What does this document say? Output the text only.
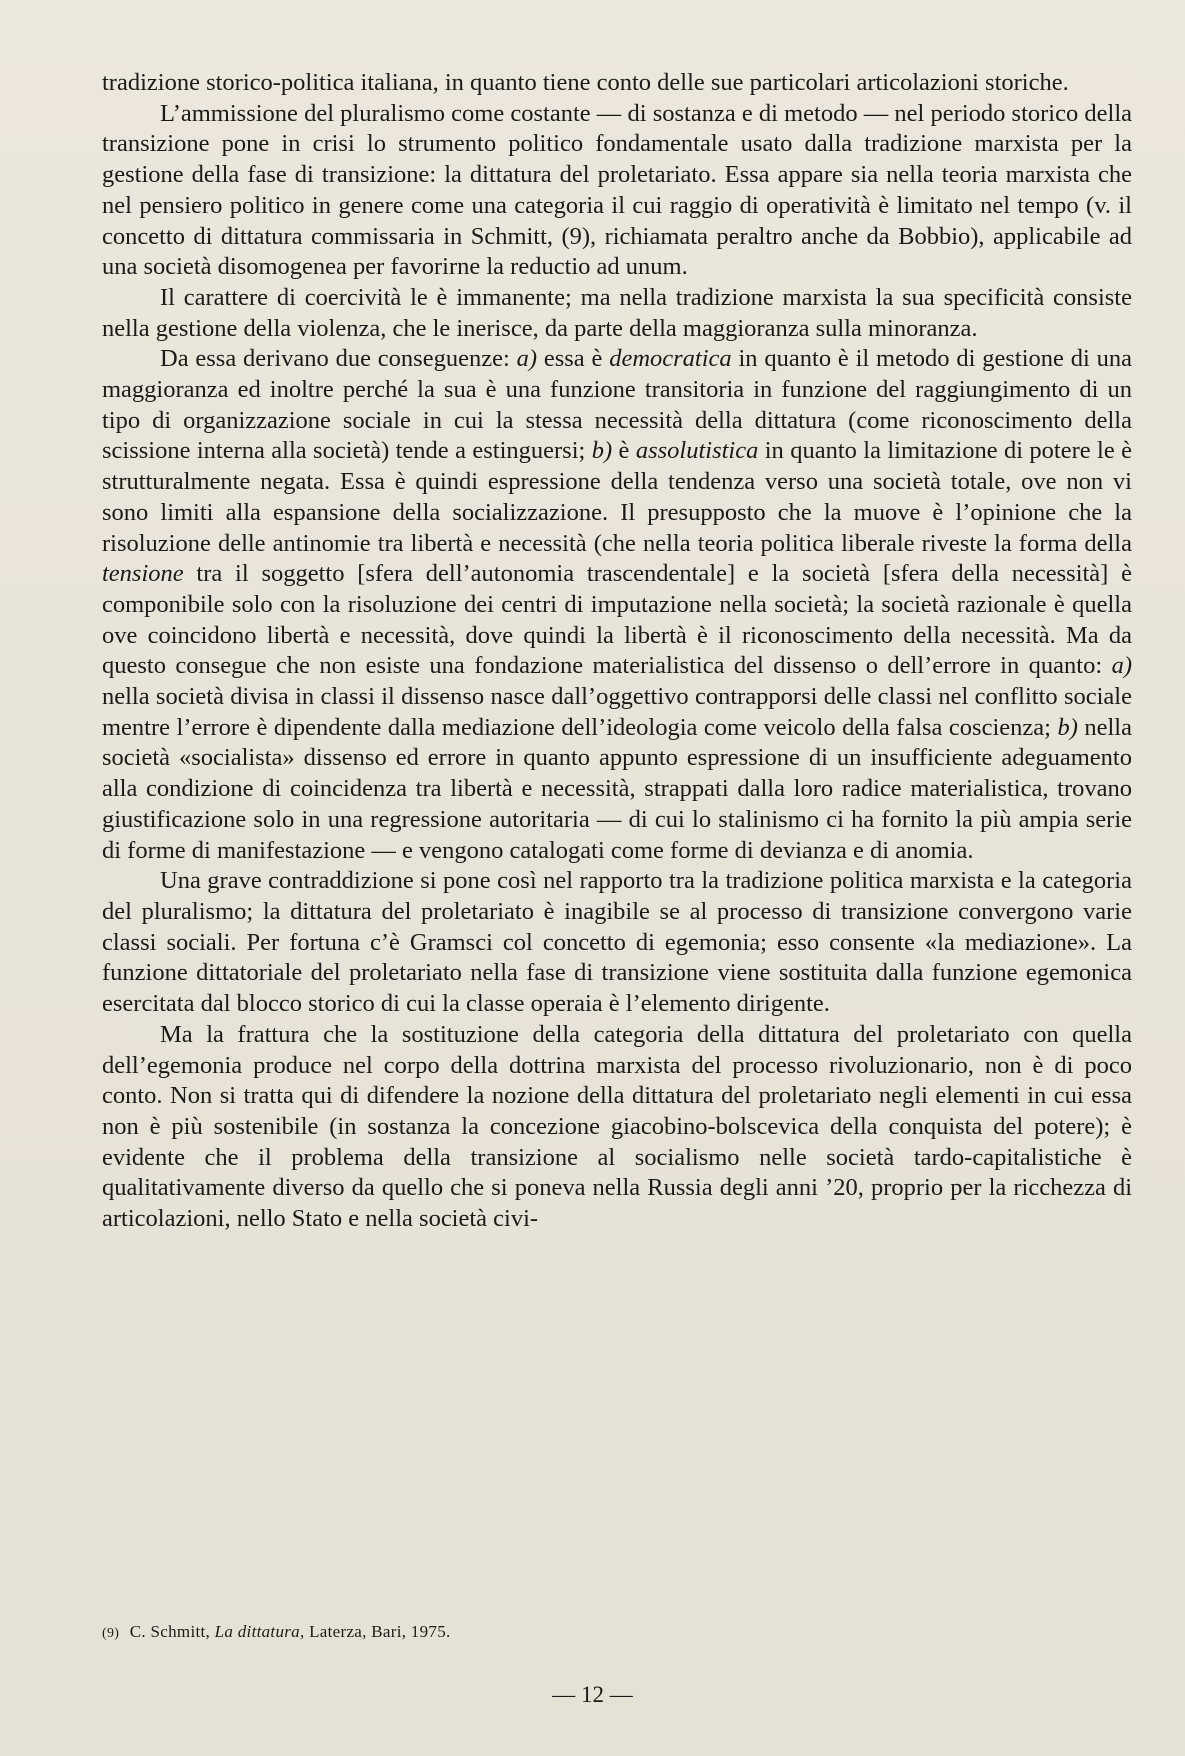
tradizione storico-politica italiana, in quanto tiene conto delle sue particolari articolazioni storiche.

L’ammissione del pluralismo come costante — di sostanza e di metodo — nel periodo storico della transizione pone in crisi lo strumento politico fondamentale usato dalla tradizione marxista per la gestione della fase di transizione: la dittatura del proletariato. Essa appare sia nella teoria marxista che nel pensiero politico in genere come una categoria il cui raggio di operatività è limitato nel tempo (v. il concetto di dittatura commissaria in Schmitt, (9), richiamata peraltro anche da Bobbio), applicabile ad una società disomogenea per favorirne la reductio ad unum.

Il carattere di coercività le è immanente; ma nella tradizione marxista la sua specificità consiste nella gestione della violenza, che le inerisce, da parte della maggioranza sulla minoranza.

Da essa derivano due conseguenze: a) essa è democratica in quanto è il metodo di gestione di una maggioranza ed inoltre perché la sua è una funzione transitoria in funzione del raggiungimento di un tipo di organizzazione sociale in cui la stessa necessità della dittatura (come riconoscimento della scissione interna alla società) tende a estinguersi; b) è assolutistica in quanto la limitazione di potere le è strutturalmente negata. Essa è quindi espressione della tendenza verso una società totale, ove non vi sono limiti alla espansione della socializzazione. Il presupposto che la muove è l’opinione che la risoluzione delle antinomie tra libertà e necessità (che nella teoria politica liberale riveste la forma della tensione tra il soggetto [sfera dell’autonomia trascendentale] e la società [sfera della necessità] è componibile solo con la risoluzione dei centri di imputazione nella società; la società razionale è quella ove coincidono libertà e necessità, dove quindi la libertà è il riconoscimento della necessità. Ma da questo consegue che non esiste una fondazione materialistica del dissenso o dell’errore in quanto: a) nella società divisa in classi il dissenso nasce dall’oggettivo contrapporsi delle classi nel conflitto sociale mentre l’errore è dipendente dalla mediazione dell’ideologia come veicolo della falsa coscienza; b) nella società «socialista» dissenso ed errore in quanto appunto espressione di un insufficiente adeguamento alla condizione di coincidenza tra libertà e necessità, strappati dalla loro radice materialistica, trovano giustificazione solo in una regressione autoritaria — di cui lo stalinismo ci ha fornito la più ampia serie di forme di manifestazione — e vengono catalogati come forme di devianza e di anomia.

Una grave contraddizione si pone così nel rapporto tra la tradizione politica marxista e la categoria del pluralismo; la dittatura del proletariato è inagibile se al processo di transizione convergono varie classi sociali. Per fortuna c’è Gramsci col concetto di egemonia; esso consente «la mediazione». La funzione dittatoriale del proletariato nella fase di transizione viene sostituita dalla funzione egemonica esercitata dal blocco storico di cui la classe operaia è l’elemento dirigente.

Ma la frattura che la sostituzione della categoria della dittatura del proletariato con quella dell’egemonia produce nel corpo della dottrina marxista del processo rivoluzionario, non è di poco conto. Non si tratta qui di difendere la nozione della dittatura del proletariato negli elementi in cui essa non è più sostenibile (in sostanza la concezione giacobino-bolscevica della conquista del potere); è evidente che il problema della transizione al socialismo nelle società tardo-capitalistiche è qualitativamente diverso da quello che si poneva nella Russia degli anni ’20, proprio per la ricchezza di articolazioni, nello Stato e nella società civi-

(9) C. Schmitt, La dittatura, Laterza, Bari, 1975.
— 12 —
